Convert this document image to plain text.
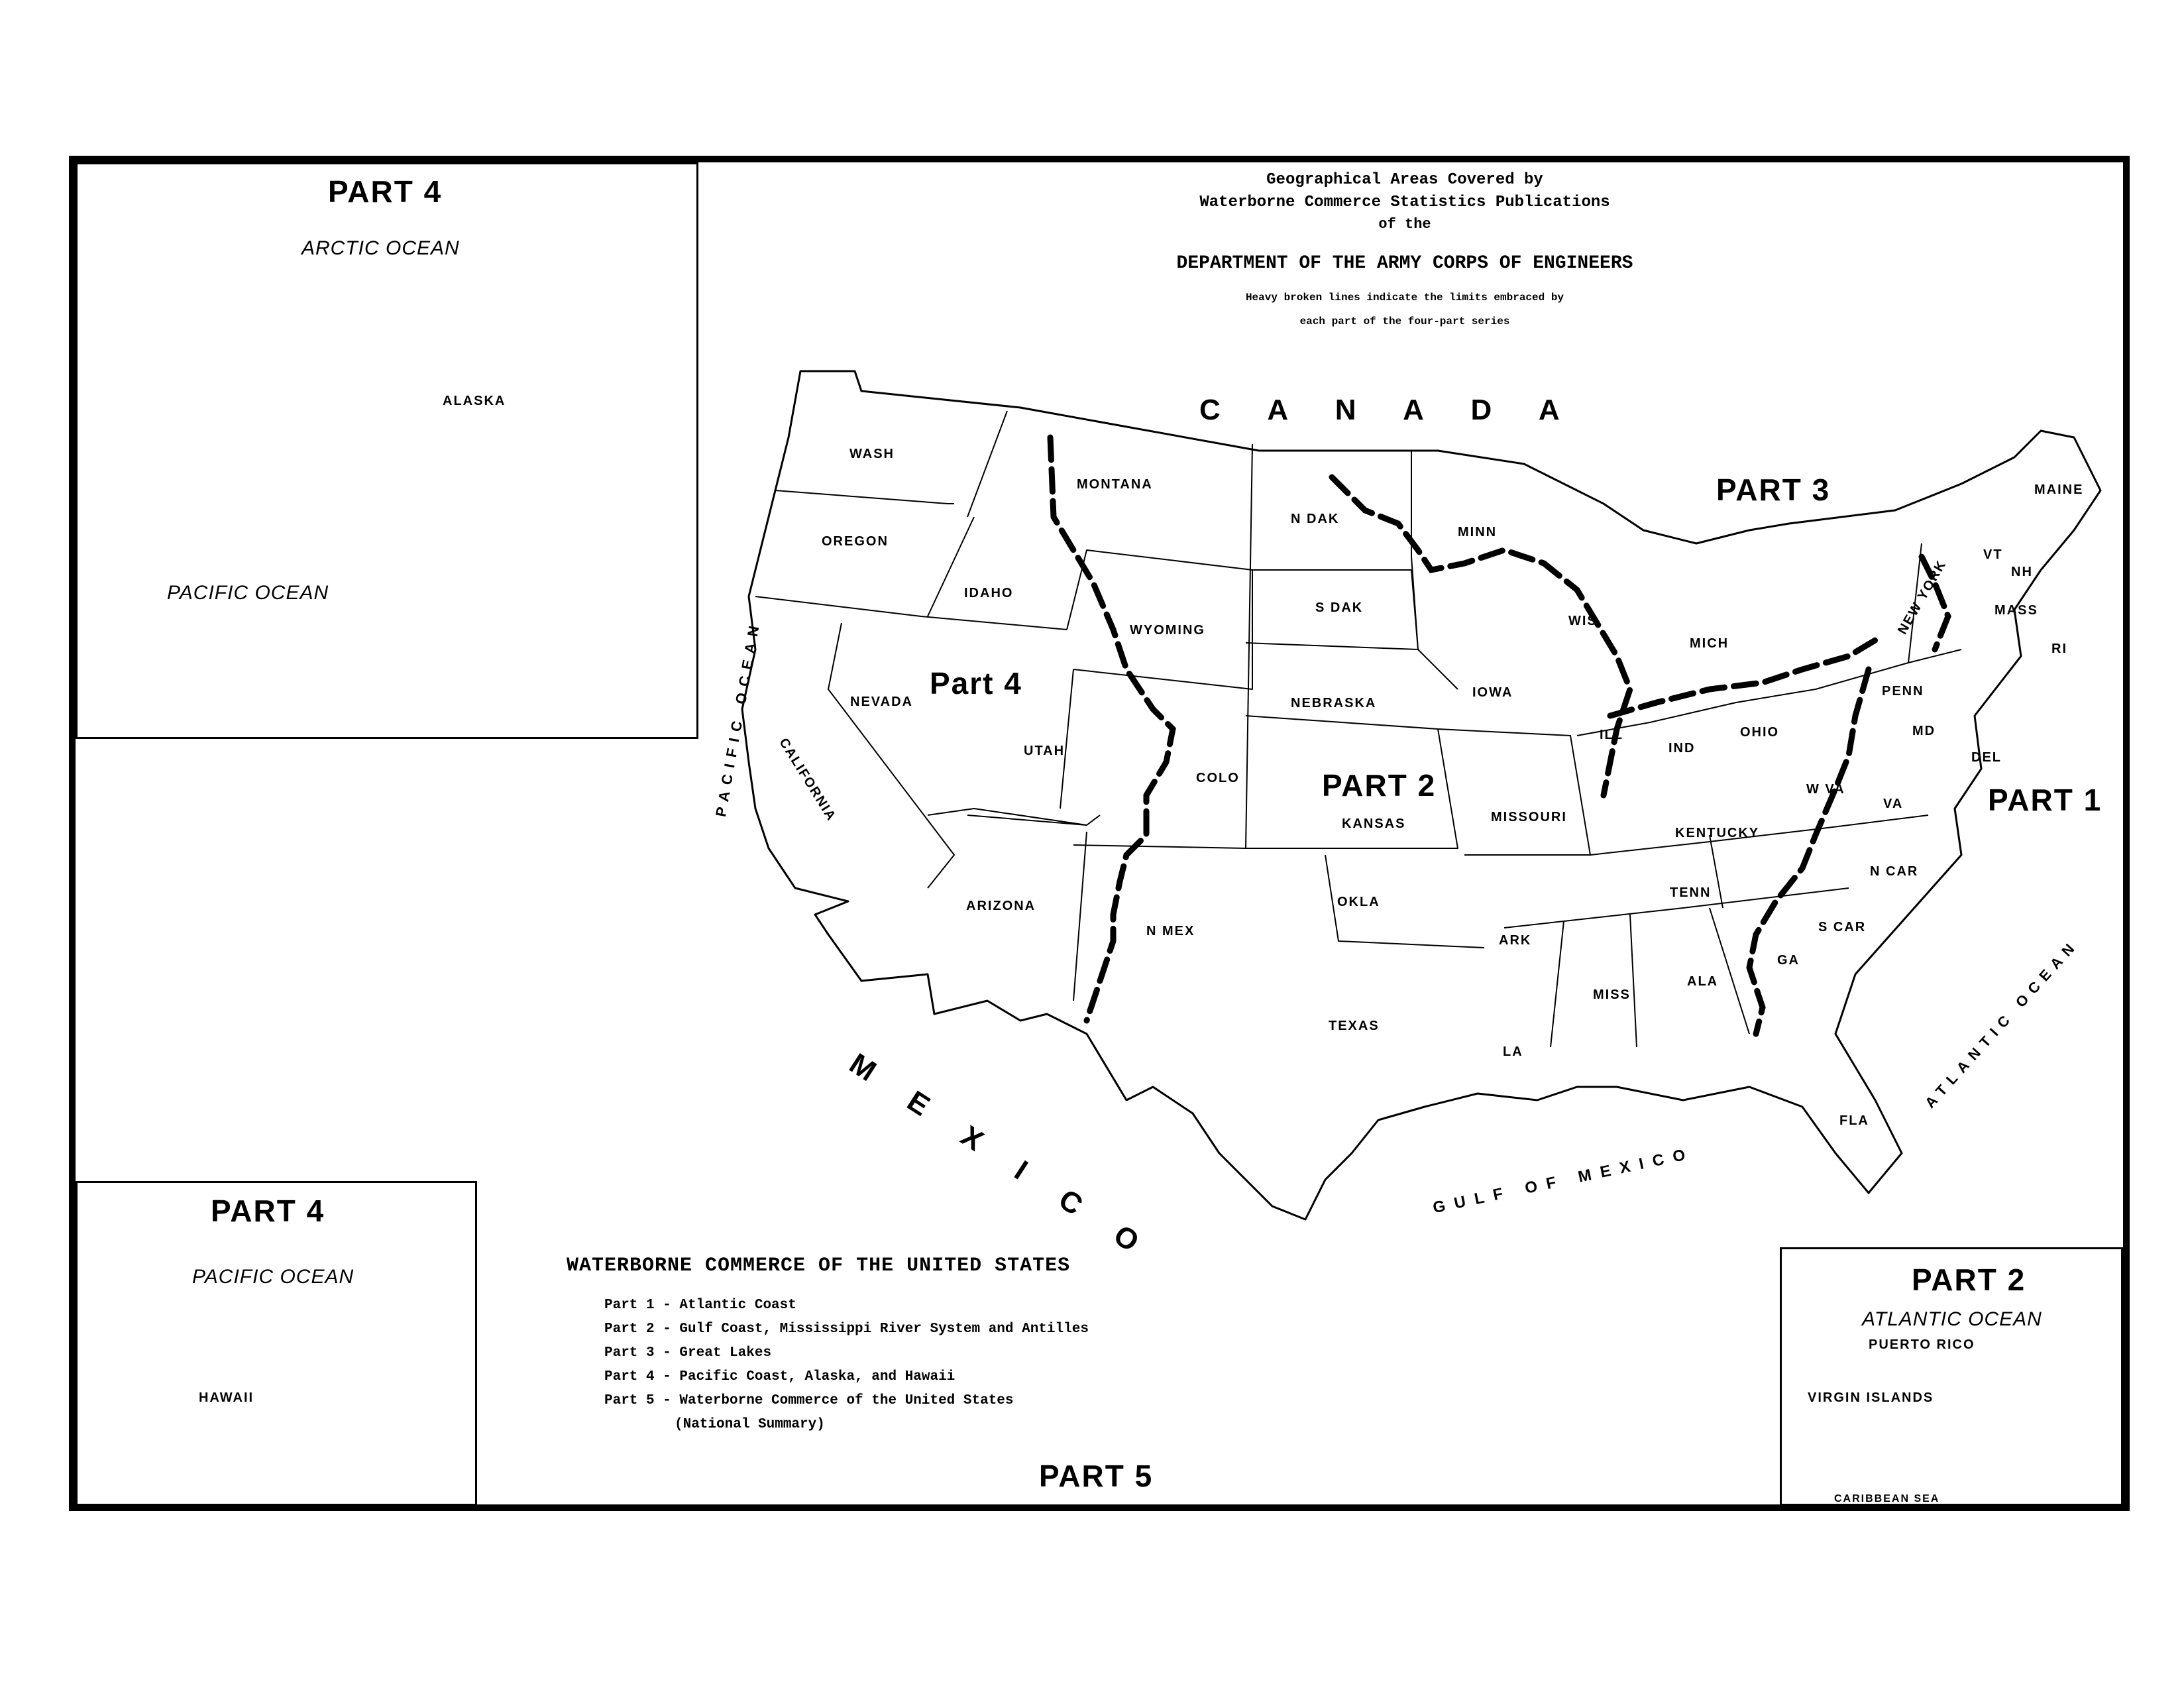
PART 4
ARCTIC OCEAN
ALASKA
PACIFIC OCEAN
PART 4
PACIFIC OCEAN
HAWAII
PART 2
ATLANTIC OCEAN
PUERTO RICO
VIRGIN ISLANDS
CARIBBEAN SEA
Geographical Areas Covered by
Waterborne Commerce Statistics Publications
of the
DEPARTMENT OF THE ARMY CORPS OF ENGINEERS
Heavy broken lines indicate the limits embraced by
each part of the four-part series
C A N A D A
M E X I C O
PACIFIC OCEAN
ATLANTIC OCEAN
GULF OF MEXICO
PART 1
PART 2
PART 3
Part 4
PART 5
WASH
OREGON
CALIFORNIA
NEVADA
IDAHO
MONTANA
WYOMING
UTAH
ARIZONA
COLO
N MEX
N DAK
S DAK
NEBRASKA
KANSAS
OKLA
TEXAS
MINN
IOWA
MISSOURI
ARK
LA
WIS
ILL
MICH
IND
OHIO
KENTUCKY
TENN
MISS
ALA
GA
FLA
S CAR
N CAR
VA
W VA
PENN
NEW YORK
MAINE
VT
NH
MASS
RI
MD
DEL
WATERBORNE COMMERCE OF THE UNITED STATES
Part 1 - Atlantic Coast
Part 2 - Gulf Coast, Mississippi River System and Antilles
Part 3 - Great Lakes
Part 4 - Pacific Coast, Alaska, and Hawaii
Part 5 - Waterborne Commerce of the United States
(National Summary)
